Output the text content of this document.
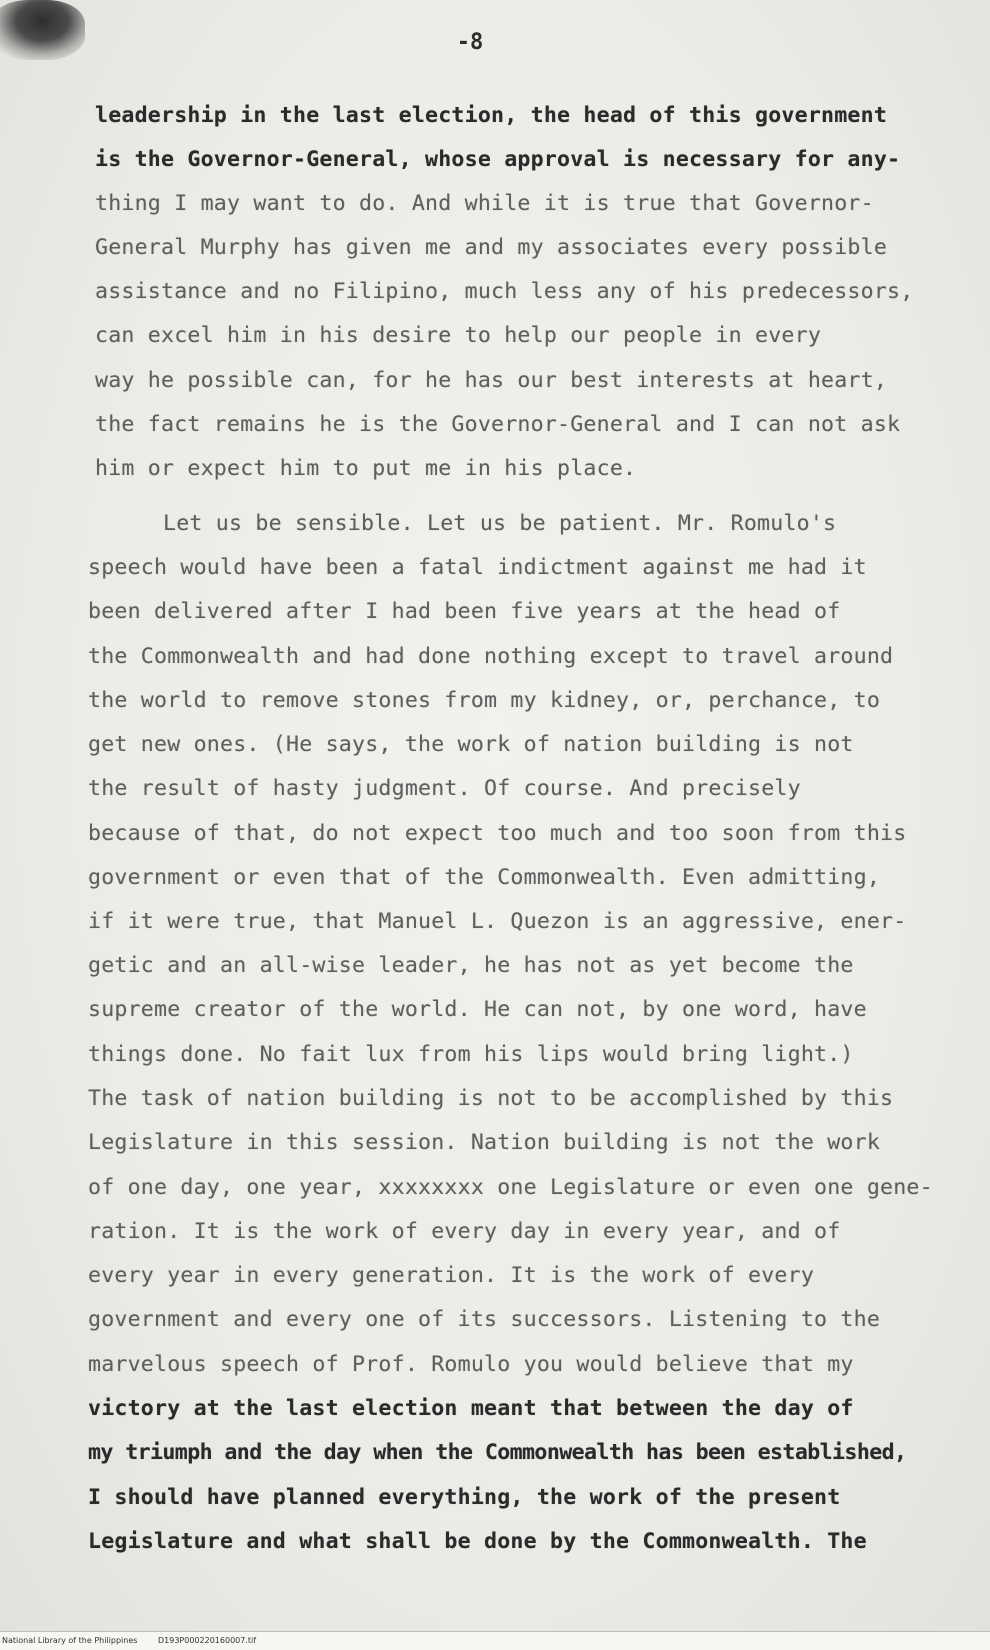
-8
leadership in the last election, the head of this government
is the Governor-General, whose approval is necessary for any-
thing I may want to do. And while it is true that Governor-
General Murphy has given me and my associates every possible
assistance and no Filipino, much less any of his predecessors,
can excel him in his desire to help our people in every
way he possible can, for he has our best interests at heart,
the fact remains he is the Governor-General and I can not ask
him or expect him to put me in his place.
Let us be sensible. Let us be patient. Mr. Romulo's
speech would have been a fatal indictment against me had it
been delivered after I had been five years at the head of
the Commonwealth and had done nothing except to travel around
the world to remove stones from my kidney, or, perchance, to
get new ones. (He says, the work of nation building is not
the result of hasty judgment. Of course. And precisely
because of that, do not expect too much and too soon from this
government or even that of the Commonwealth. Even admitting,
if it were true, that Manuel L. Quezon is an aggressive, ener-
getic and an all-wise leader, he has not as yet become the
supreme creator of the world. He can not, by one word, have
things done. No fait lux from his lips would bring light.)
The task of nation building is not to be accomplished by this
Legislature in this session. Nation building is not the work
of one day, one year, xxxxxxxx one Legislature or even one gene-
ration. It is the work of every day in every year, and of
every year in every generation. It is the work of every
government and every one of its successors. Listening to the
marvelous speech of Prof. Romulo you would believe that my
victory at the last election meant that between the day of
my triumph and the day when the Commonwealth has been established,
I should have planned everything, the work of the present
Legislature and what shall be done by the Commonwealth. The
National Library of the Philippines	D193P000220160007.tif
